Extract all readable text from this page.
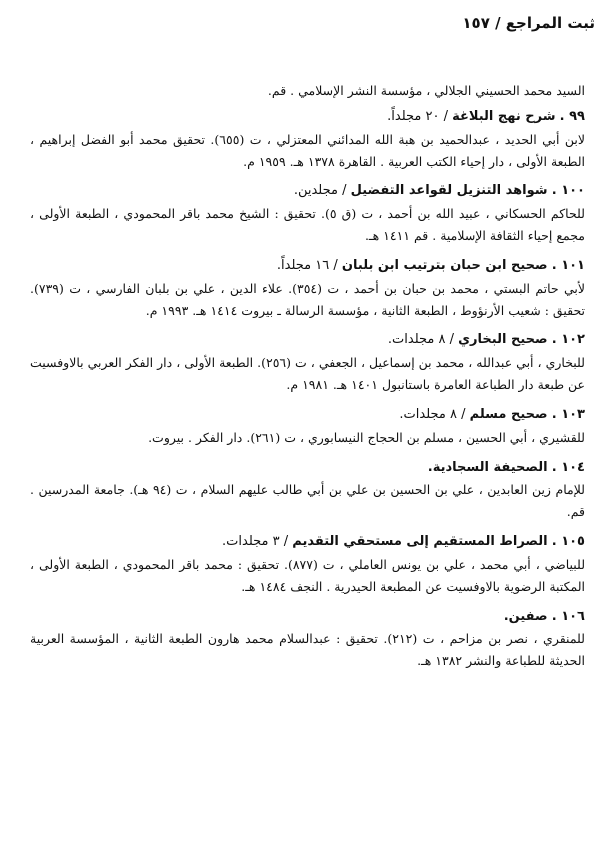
ثبت المراجع / ١٥٧

السيد محمد الحسيني الجلالي ، مؤسسة النشر الإسلامي . قم.

٩٩ . شرح نهج البلاغة / ٢٠ مجلداً.

لابن أبي الحديد ، عبدالحميد بن هبة الله المدائني المعتزلي ، ت (٦٥٥). تحقيق محمد أبو الفضل إبراهيم ، الطبعة الأولى ، دار إحياء الكتب العربية . القاهرة ١٣٧٨ هـ. ١٩٥٩ م.

١٠٠ . شواهد التنزيل لقواعد التفضيل / مجلدين.

للحاكم الحسكاني ، عبيد الله بن أحمد ، ت (ق ٥). تحقيق : الشيخ محمد باقر المحمودي ، الطبعة الأولى ، مجمع إحياء الثقافة الإسلامية . قم ١٤١١ هـ.

١٠١ . صحيح ابن حبان بترتيب ابن بلبان / ١٦ مجلداً.

لأبي حاتم البستي ، محمد بن حبان بن أحمد ، ت (٣٥٤). علاء الدين ، علي بن بلبان الفارسي ، ت (٧٣٩). تحقيق : شعيب الأرنؤوط ، الطبعة الثانية ، مؤسسة الرسالة ـ بيروت ١٤١٤ هـ. ١٩٩٣ م.

١٠٢ . صحيح البخاري / ٨ مجلدات.

للبخاري ، أبي عبدالله ، محمد بن إسماعيل ، الجعفي ، ت (٢٥٦). الطبعة الأولى ، دار الفكر العربي بالاوفسيت عن طبعة دار الطباعة العامرة باستانبول ١٤٠١ هـ. ١٩٨١ م.

١٠٣ . صحيح مسلم / ٨ مجلدات.

للقشيري ، أبي الحسين ، مسلم بن الحجاج النيسابوري ، ت (٢٦١). دار الفكر . بيروت.

١٠٤ . الصحيفة السجادية.

للإمام زين العابدين ، علي بن الحسين بن علي بن أبي طالب عليهم السلام ، ت (٩٤ هـ). جامعة المدرسين . قم.

١٠٥ . الصراط المستقيم إلى مستحقي التقديم / ٣ مجلدات.

للبياضي ، أبي محمد ، علي بن يونس العاملي ، ت (٨٧٧). تحقيق : محمد باقر المحمودي ، الطبعة الأولى ، المكتبة الرضوية بالاوفسيت عن المطبعة الحيدرية . النجف ١٤٨٤ هـ.

١٠٦ . صفين.

للمنقري ، نصر بن مزاحم ، ت (٢١٢). تحقيق : عبدالسلام محمد هارون الطبعة الثانية ، المؤسسة العربية الحديثة للطباعة والنشر ١٣٨٢ هـ.
